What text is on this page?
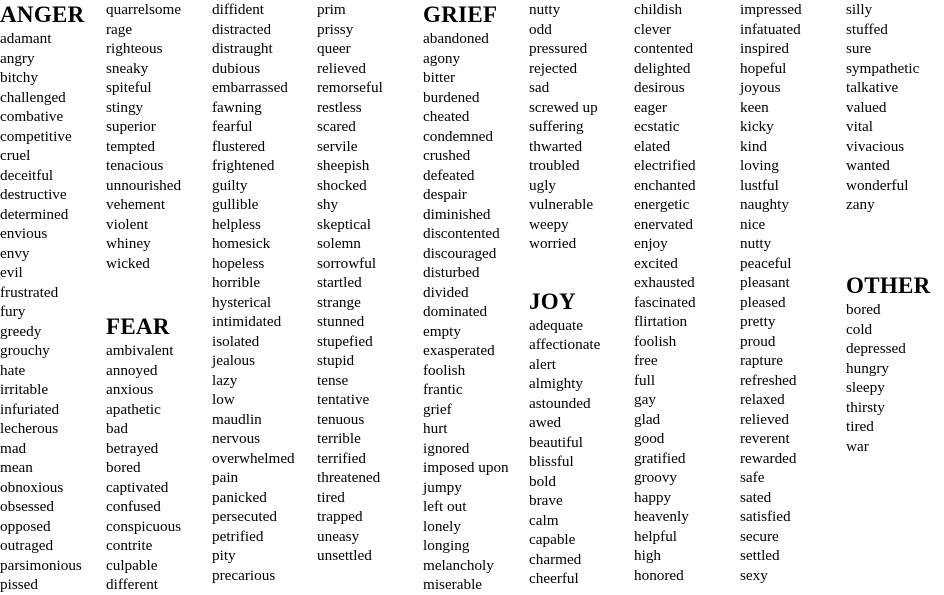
ANGER
adamant
angry
bitchy
challenged
combative
competitive
cruel
deceitful
destructive
determined
envious
envy
evil
frustrated
fury
greedy
grouchy
hate
irritable
infuriated
lecherous
mad
mean
obnoxious
obsessed
opposed
outraged
parsimonious
pissed
quarrelsome
rage
righteous
sneaky
spiteful
stingy
superior
tempted
tenacious
unnourished
vehement
violent
whiney
wicked
FEAR
ambivalent
annoyed
anxious
apathetic
bad
betrayed
bored
captivated
confused
conspicuous
contrite
culpable
different
diffident
distracted
distraught
dubious
embarrassed
fawning
fearful
flustered
frightened
guilty
gullible
helpless
homesick
hopeless
horrible
hysterical
intimidated
isolated
jealous
lazy
low
maudlin
nervous
overwhelmed
pain
panicked
persecuted
petrified
pity
precarious
prim
prissy
queer
relieved
remorseful
restless
scared
servile
sheepish
shocked
shy
skeptical
solemn
sorrowful
startled
strange
stunned
stupefied
stupid
tense
tentative
tenuous
terrible
terrified
threatened
tired
trapped
uneasy
unsettled
GRIEF
abandoned
agony
bitter
burdened
cheated
condemned
crushed
defeated
despair
diminished
discontented
discouraged
disturbed
divided
dominated
empty
exasperated
foolish
frantic
grief
hurt
ignored
imposed upon
jumpy
left out
lonely
longing
melancholy
miserable
nutty
odd
pressured
rejected
sad
screwed up
suffering
thwarted
troubled
ugly
vulnerable
weepy
worried
JOY
adequate
affectionate
alert
almighty
astounded
awed
beautiful
blissful
bold
brave
calm
capable
charmed
cheerful
childish
clever
contented
delighted
desirous
eager
ecstatic
elated
electrified
enchanted
energetic
enervated
enjoy
excited
exhausted
fascinated
flirtation
foolish
free
full
gay
glad
good
gratified
groovy
happy
heavenly
helpful
high
honored
impressed
infatuated
inspired
hopeful
joyous
keen
kicky
kind
loving
lustful
naughty
nice
nutty
peaceful
pleasant
pleased
pretty
proud
rapture
refreshed
relaxed
relieved
reverent
rewarded
safe
sated
satisfied
secure
settled
sexy
silly
stuffed
sure
sympathetic
talkative
valued
vital
vivacious
wanted
wonderful
zany
OTHER
bored
cold
depressed
hungry
sleepy
thirsty
tired
war
